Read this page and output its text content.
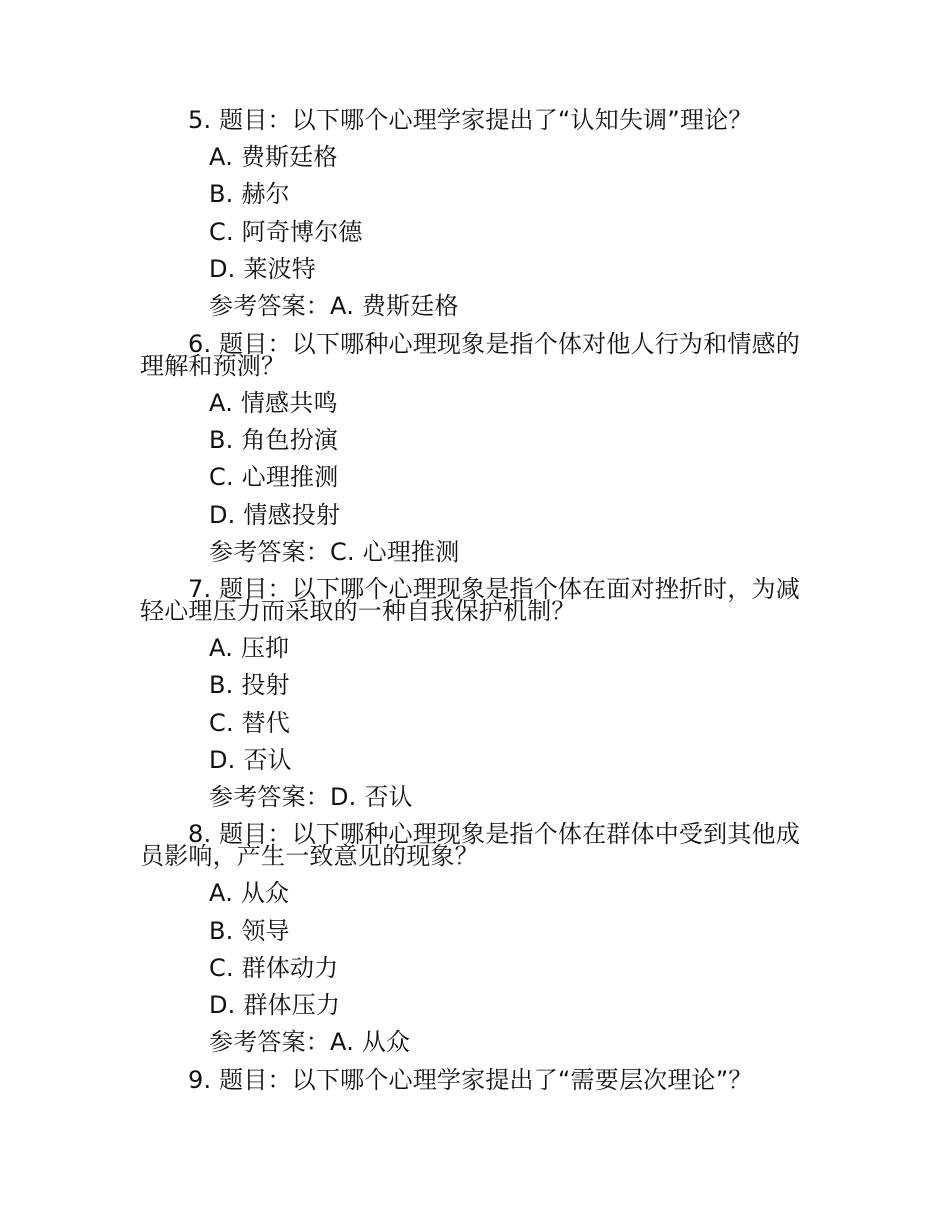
5. 题目：以下哪个心理学家提出了“认知失调”理论？
A. 费斯廷格
B. 赫尔
C. 阿奇博尔德
D. 莱波特
参考答案：A. 费斯廷格
6. 题目：以下哪种心理现象是指个体对他人行为和情感的
理解和预测？
A. 情感共鸣
B. 角色扮演
C. 心理推测
D. 情感投射
参考答案：C. 心理推测
7. 题目：以下哪个心理现象是指个体在面对挫折时，为减
轻心理压力而采取的一种自我保护机制？
A. 压抑
B. 投射
C. 替代
D. 否认
参考答案：D. 否认
8. 题目：以下哪种心理现象是指个体在群体中受到其他成
员影响，产生一致意见的现象？
A. 从众
B. 领导
C. 群体动力
D. 群体压力
参考答案：A. 从众
9. 题目：以下哪个心理学家提出了“需要层次理论”？
